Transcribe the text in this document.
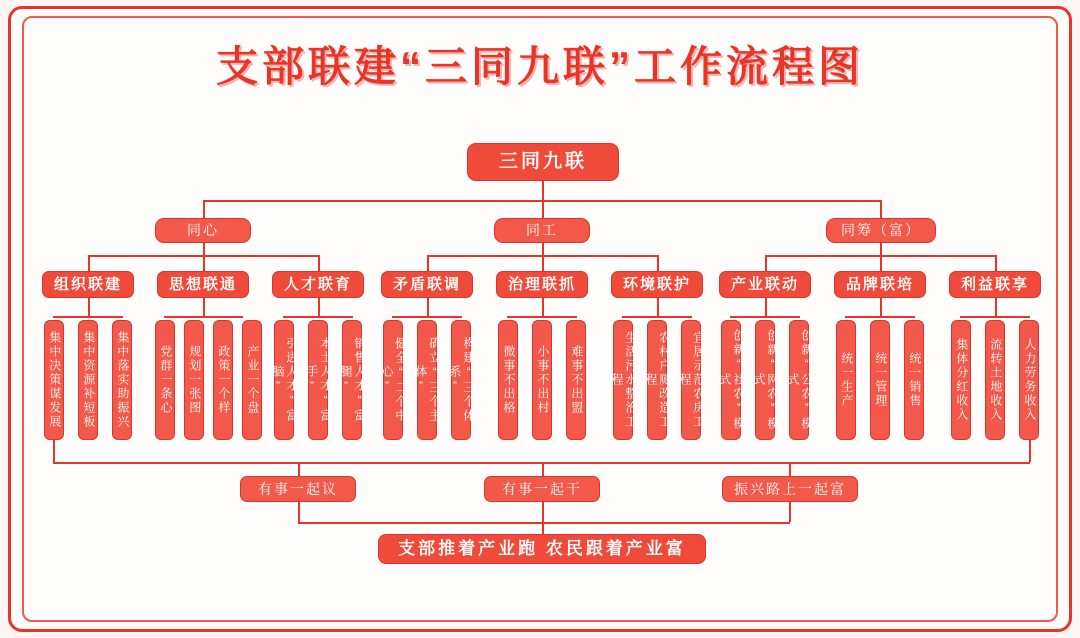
支部联建“三同九联”工作流程图
三同九联
同心	同工	同筹（富）
组织联建	思想联通	人才联育	矛盾联调	治理联抓	环境联护	产业联动	品牌联培	利益联享
集中决策谋发展	集中资源补短板	集中落实助振兴	党群一条心	规划一张图	政策一个样	产业一个盘	引进人才“富脑”	本土人才“富手”	销售人才“富腿”	健全“二个中心”	确立“三个主体”	构建“三个体系”	微事不出格	小事不出村	难事不出盟	生活污水整治工程	农村户厕改造工程	宜居示范农房工程	创新“社农”模式	创新“网农”模式	创新“公农”模式	统一生产	统一管理	统一销售	集体分红收入	流转土地收入	人力劳务收入
有事一起议	有事一起干	振兴路上一起富
支部推着产业跑 农民跟着产业富
